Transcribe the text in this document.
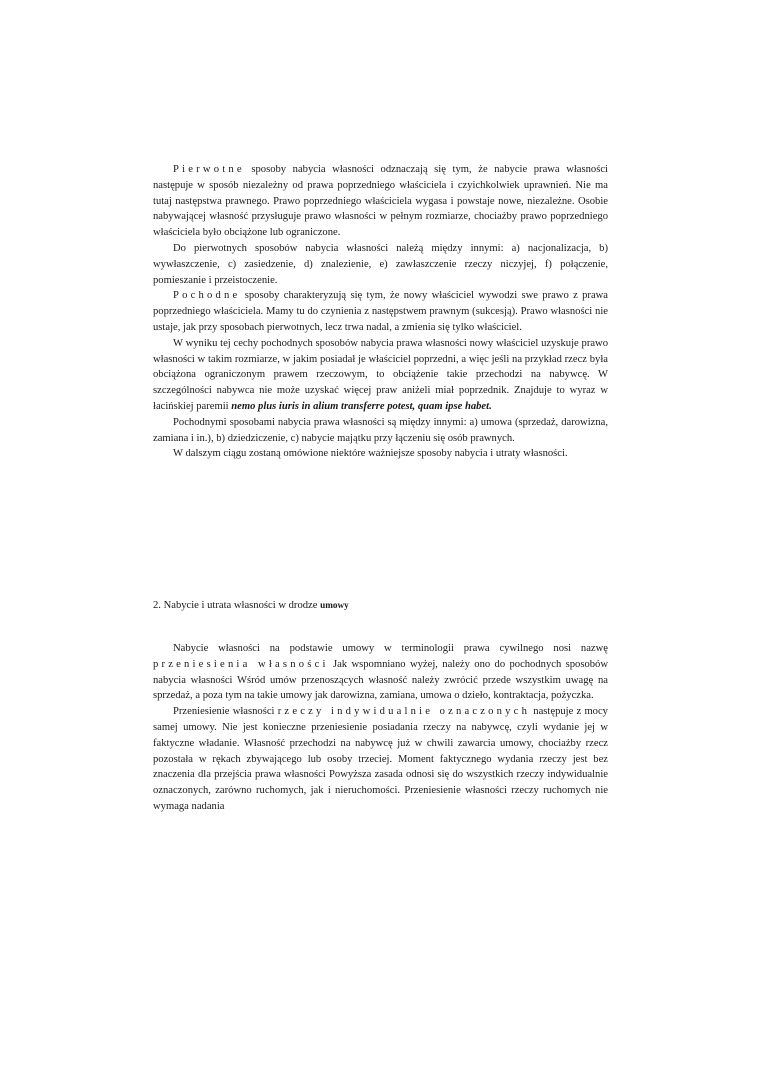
Pierwotne sposoby nabycia własności odznaczają się tym, że nabycie prawa własności następuje w sposób niezależny od prawa poprzedniego właściciela i czyichkolwiek uprawnień. Nie ma tutaj następstwa prawnego. Prawo poprzedniego właściciela wygasa i powstaje nowe, niezależne. Osobie nabywającej własność przysługuje prawo własności w pełnym rozmiarze, chociażby prawo poprzedniego właściciela było obciążone lub ograniczone.

Do pierwotnych sposobów nabycia własności należą między innymi: a) nacjonalizacja, b) wywłaszczenie, c) zasiedzenie, d) znalezienie, e) zawłaszczenie rzeczy niczyjej, f) połączenie, pomieszanie i przeistoczenie.

Pochodne sposoby charakteryzują się tym, że nowy właściciel wywodzi swe prawo z prawa poprzedniego właściciela. Mamy tu do czynienia z następstwem prawnym (sukcesją). Prawo własności nie ustaje, jak przy sposobach pierwotnych, lecz trwa nadal, a zmienia się tylko właściciel.

W wyniku tej cechy pochodnych sposobów nabycia prawa własności nowy właściciel uzyskuje prawo własności w takim rozmiarze, w jakim posiadał je właściciel poprzedni, a więc jeśli na przykład rzecz była obciążona ograniczonym prawem rzeczowym, to obciążenie takie przechodzi na nabywcę. W szczególności nabywca nie może uzyskać więcej praw aniżeli miał poprzednik. Znajduje to wyraz w łacińskiej paremii nemo plus iuris in alium transferre potest, quam ipse habet.

Pochodnymi sposobami nabycia prawa własności są między innymi: a) umowa (sprzedaż, darowizna, zamiana i in.), b) dziedziczenie, c) nabycie majątku przy łączeniu się osób prawnych.

W dalszym ciągu zostaną omówione niektóre ważniejsze sposoby nabycia i utraty własności.

2. Nabycie i utrata własności w drodze umowy

Nabycie własności na podstawie umowy w terminologii prawa cywilnego nosi nazwę przeniesienia własności Jak wspomniano wyżej, należy ono do pochodnych sposobów nabycia własności Wśród umów przenoszących własność należy zwrócić przede wszystkim uwagę na sprzedaż, a poza tym na takie umowy jak darowizna, zamiana, umowa o dzieło, kontraktacja, pożyczka.

Przeniesienie własności rzeczy indywidualnie oznaczonych następuje z mocy samej umowy. Nie jest konieczne przeniesienie posiadania rzeczy na nabywcę, czyli wydanie jej w faktyczne władanie. Własność przechodzi na nabywcę już w chwili zawarcia umowy, chociażby rzecz pozostała w rękach zbywającego lub osoby trzeciej. Moment faktycznego wydania rzeczy jest bez znaczenia dla przejścia prawa własności Powyższa zasada odnosi się do wszystkich rzeczy indywidualnie oznaczonych, zarówno ruchomych, jak i nieruchomości. Przeniesienie własności rzeczy ruchomych nie wymaga nadania
